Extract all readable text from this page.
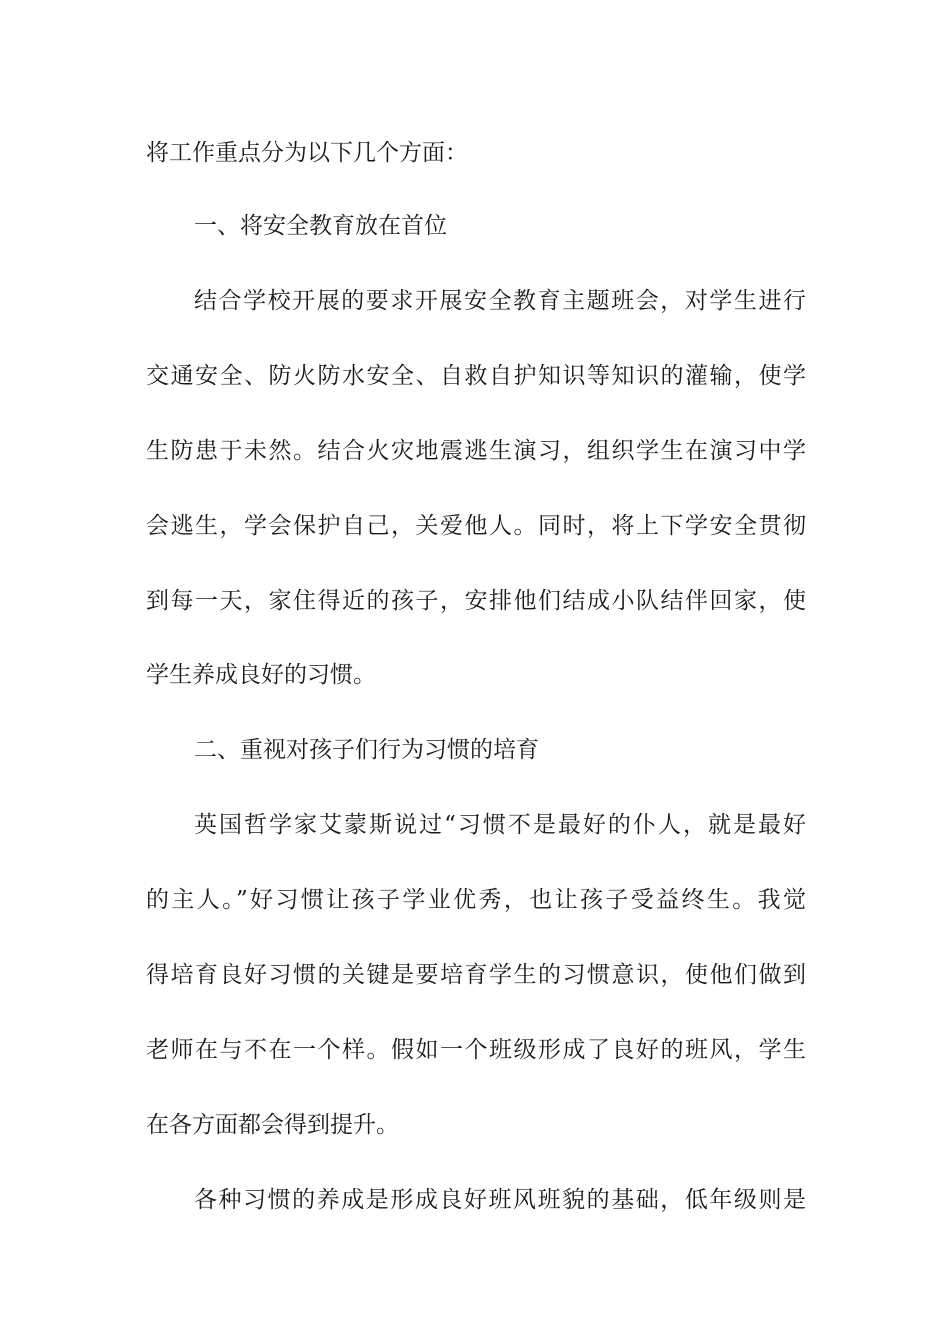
将工作重点分为以下几个方面：
一、将安全教育放在首位
结合学校开展的要求开展安全教育主题班会，对学生进行
交通安全、防火防水安全、自救自护知识等知识的灌输，使学
生防患于未然。结合火灾地震逃生演习，组织学生在演习中学
会逃生，学会保护自己，关爱他人。同时，将上下学安全贯彻
到每一天，家住得近的孩子，安排他们结成小队结伴回家，使
学生养成良好的习惯。
二、重视对孩子们行为习惯的培育
英国哲学家艾蒙斯说过“习惯不是最好的仆人，就是最好
的主人。”好习惯让孩子学业优秀，也让孩子受益终生。我觉
得培育良好习惯的关键是要培育学生的习惯意识，使他们做到
老师在与不在一个样。假如一个班级形成了良好的班风，学生
在各方面都会得到提升。
各种习惯的养成是形成良好班风班貌的基础，低年级则是
